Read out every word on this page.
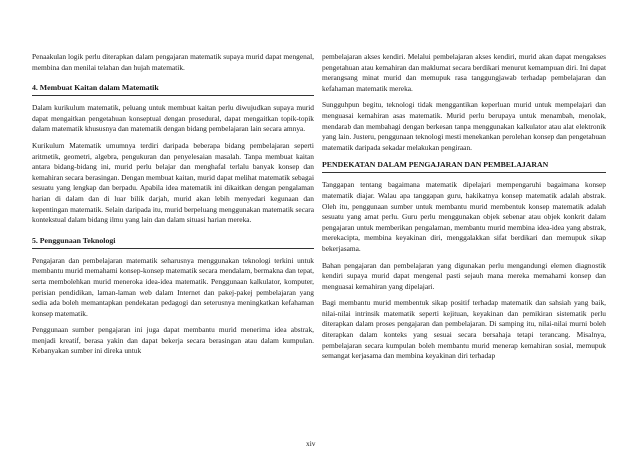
Penaakulan logik perlu diterapkan dalam pengajaran matematik supaya murid dapat mengenal, membina dan menilai telahan dan hujah matematik.

4. Membuat Kaitan dalam Matematik

Dalam kurikulum matematik, peluang untuk membuat kaitan perlu diwujudkan supaya murid dapat mengaitkan pengetahuan konseptual dengan prosedural, dapat mengaitkan topik-topik dalam matematik khususnya dan matematik dengan bidang pembelajaran lain secara amnya.

Kurikulum Matematik umumnya terdiri daripada beberapa bidang pembelajaran seperti aritmetik, geometri, algebra, pengukuran dan penyelesaian masalah. Tanpa membuat kaitan antara bidang-bidang ini, murid perlu belajar dan menghafal terlalu banyak konsep dan kemahiran secara berasingan. Dengan membuat kaitan, murid dapat melihat matematik sebagai sesuatu yang lengkap dan berpadu. Apabila idea matematik ini dikaitkan dengan pengalaman harian di dalam dan di luar bilik darjah, murid akan lebih menyedari kegunaan dan kepentingan matematik. Selain daripada itu, murid berpeluang menggunakan matematik secara kontekstual dalam bidang ilmu yang lain dan dalam situasi harian mereka.

5. Penggunaan Teknologi

Pengajaran dan pembelajaran matematik seharusnya menggunakan teknologi terkini untuk membantu murid memahami konsep-konsep matematik secara mendalam, bermakna dan tepat, serta membolehkan murid meneroka idea-idea matematik. Penggunaan kalkulator, komputer, perisian pendidikan, laman-laman web dalam Internet dan pakej-pakej pembelajaran yang sedia ada boleh memantapkan pendekatan pedagogi dan seterusnya meningkatkan kefahaman konsep matematik.

Penggunaan sumber pengajaran ini juga dapat membantu murid menerima idea abstrak, menjadi kreatif, berasa yakin dan dapat bekerja secara berasingan atau dalam kumpulan. Kebanyakan sumber ini direka untuk

pembelajaran akses kendiri. Melalui pembelajaran akses kendiri, murid akan dapat mengakses pengetahuan atau kemahiran dan maklumat secara berdikari menurut kemampuan diri. Ini dapat merangsang minat murid dan memupuk rasa tanggungjawab terhadap pembelajaran dan kefahaman matematik mereka.

Sungguhpun begitu, teknologi tidak menggantikan keperluan murid untuk mempelajari dan menguasai kemahiran asas matematik. Murid perlu berupaya untuk menambah, menolak, mendarab dan membahagi dengan berkesan tanpa menggunakan kalkulator atau alat elektronik yang lain. Justeru, penggunaan teknologi mesti menekankan perolehan konsep dan pengetahuan matematik daripada sekadar melakukan pengiraan.

PENDEKATAN DALAM PENGAJARAN DAN PEMBELAJARAN

Tanggapan tentang bagaimana matematik dipelajari mempengaruhi bagaimana konsep matematik diajar. Walau apa tanggapan guru, hakikatnya konsep matematik adalah abstrak. Oleh itu, penggunaan sumber untuk membantu murid membentuk konsep matematik adalah sesuatu yang amat perlu. Guru perlu menggunakan objek sebenar atau objek konkrit dalam pengajaran untuk memberikan pengalaman, membantu murid membina idea-idea yang abstrak, merekacipta, membina keyakinan diri, menggalakkan sifat berdikari dan memupuk sikap bekerjasama.

Bahan pengajaran dan pembelajaran yang digunakan perlu mengandungi elemen diagnostik kendiri supaya murid dapat mengenal pasti sejauh mana mereka memahami konsep dan menguasai kemahiran yang dipelajari.

Bagi membantu murid membentuk sikap positif terhadap matematik dan sahsiah yang baik, nilai-nilai intrinsik matematik seperti kejituan, keyakinan dan pemikiran sistematik perlu diterapkan dalam proses pengajaran dan pembelajaran. Di samping itu, nilai-nilai murni boleh diterapkan dalam konteks yang sesuai secara bersahaja tetapi terancang. Misalnya, pembelajaran secara kumpulan boleh membantu murid menerap kemahiran sosial, memupuk semangat kerjasama dan membina keyakinan diri terhadap

xiv
